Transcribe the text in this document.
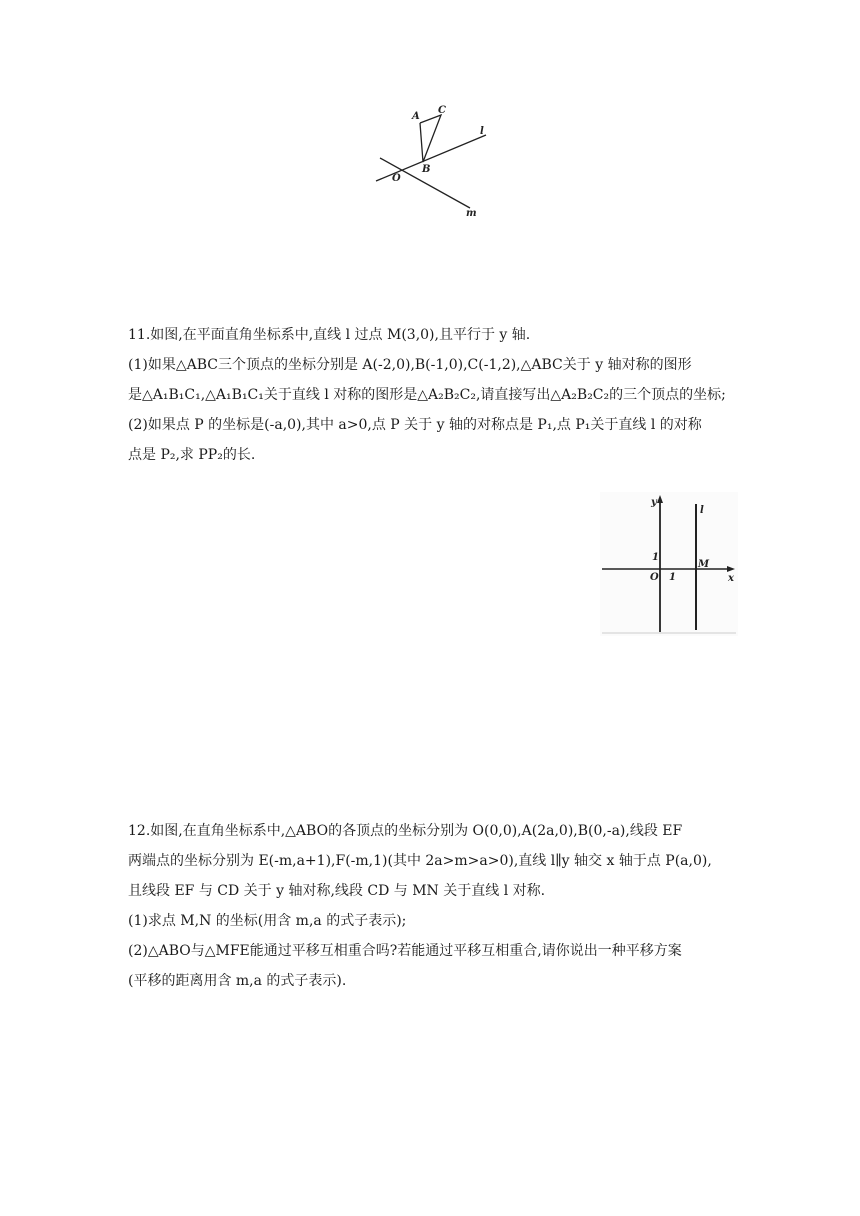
A
C
B
O
l
m
11.如图,在平面直角坐标系中,直线 l 过点 M(3,0),且平行于 y 轴.
(1)如果△ABC三个顶点的坐标分别是 A(-2,0),B(-1,0),C(-1,2),△ABC关于 y 轴对称的图形
是△A₁B₁C₁,△A₁B₁C₁关于直线 l 对称的图形是△A₂B₂C₂,请直接写出△A₂B₂C₂的三个顶点的坐标;
(2)如果点 P 的坐标是(-a,0),其中 a>0,点 P 关于 y 轴的对称点是 P₁,点 P₁关于直线 l 的对称
点是 P₂,求 PP₂的长.
y
l
1
M
O 1	x
12.如图,在直角坐标系中,△ABO的各顶点的坐标分别为 O(0,0),A(2a,0),B(0,-a),线段 EF
两端点的坐标分别为 E(-m,a+1),F(-m,1)(其中 2a>m>a>0),直线 l∥y 轴交 x 轴于点 P(a,0),
且线段 EF 与 CD 关于 y 轴对称,线段 CD 与 MN 关于直线 l 对称.
(1)求点 M,N 的坐标(用含 m,a 的式子表示);
(2)△ABO与△MFE能通过平移互相重合吗?若能通过平移互相重合,请你说出一种平移方案
(平移的距离用含 m,a 的式子表示).
